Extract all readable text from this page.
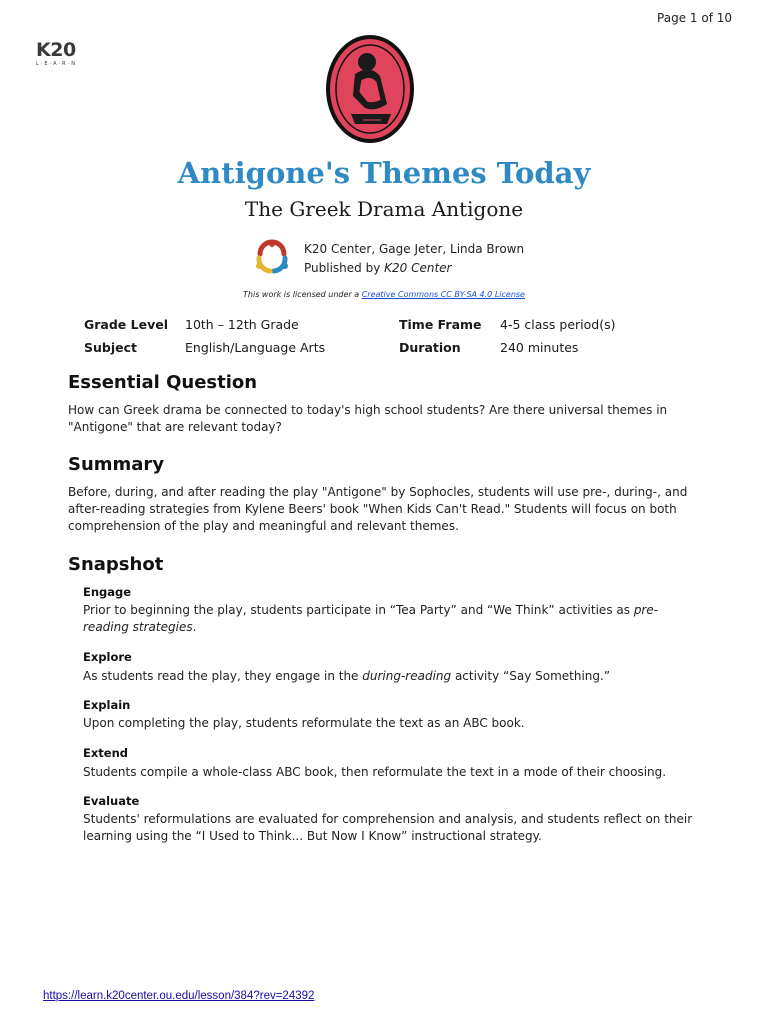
Page 1 of 10
K20
L·E·A·R·N
Antigone's Themes Today
The Greek Drama Antigone
K20 Center, Gage Jeter, Linda Brown
Published by K20 Center
This work is licensed under a Creative Commons CC BY-SA 4.0 License
Grade Level
Subject
10th – 12th Grade
English/Language Arts
Time Frame
Duration
4-5 class period(s)
240 minutes
Essential Question
How can Greek drama be connected to today's high school students? Are there universal themes in "Antigone" that are relevant today?
Summary
Before, during, and after reading the play "Antigone" by Sophocles, students will use pre-, during-, and after-reading strategies from Kylene Beers' book "When Kids Can't Read." Students will focus on both comprehension of the play and meaningful and relevant themes.
Snapshot
Engage
Prior to beginning the play, students participate in “Tea Party” and “We Think” activities as pre-reading strategies.
Explore
As students read the play, they engage in the during-reading activity “Say Something.”
Explain
Upon completing the play, students reformulate the text as an ABC book.
Extend
Students compile a whole-class ABC book, then reformulate the text in a mode of their choosing.
Evaluate
Students' reformulations are evaluated for comprehension and analysis, and students reflect on their learning using the “I Used to Think... But Now I Know” instructional strategy.
https://learn.k20center.ou.edu/lesson/384?rev=24392
